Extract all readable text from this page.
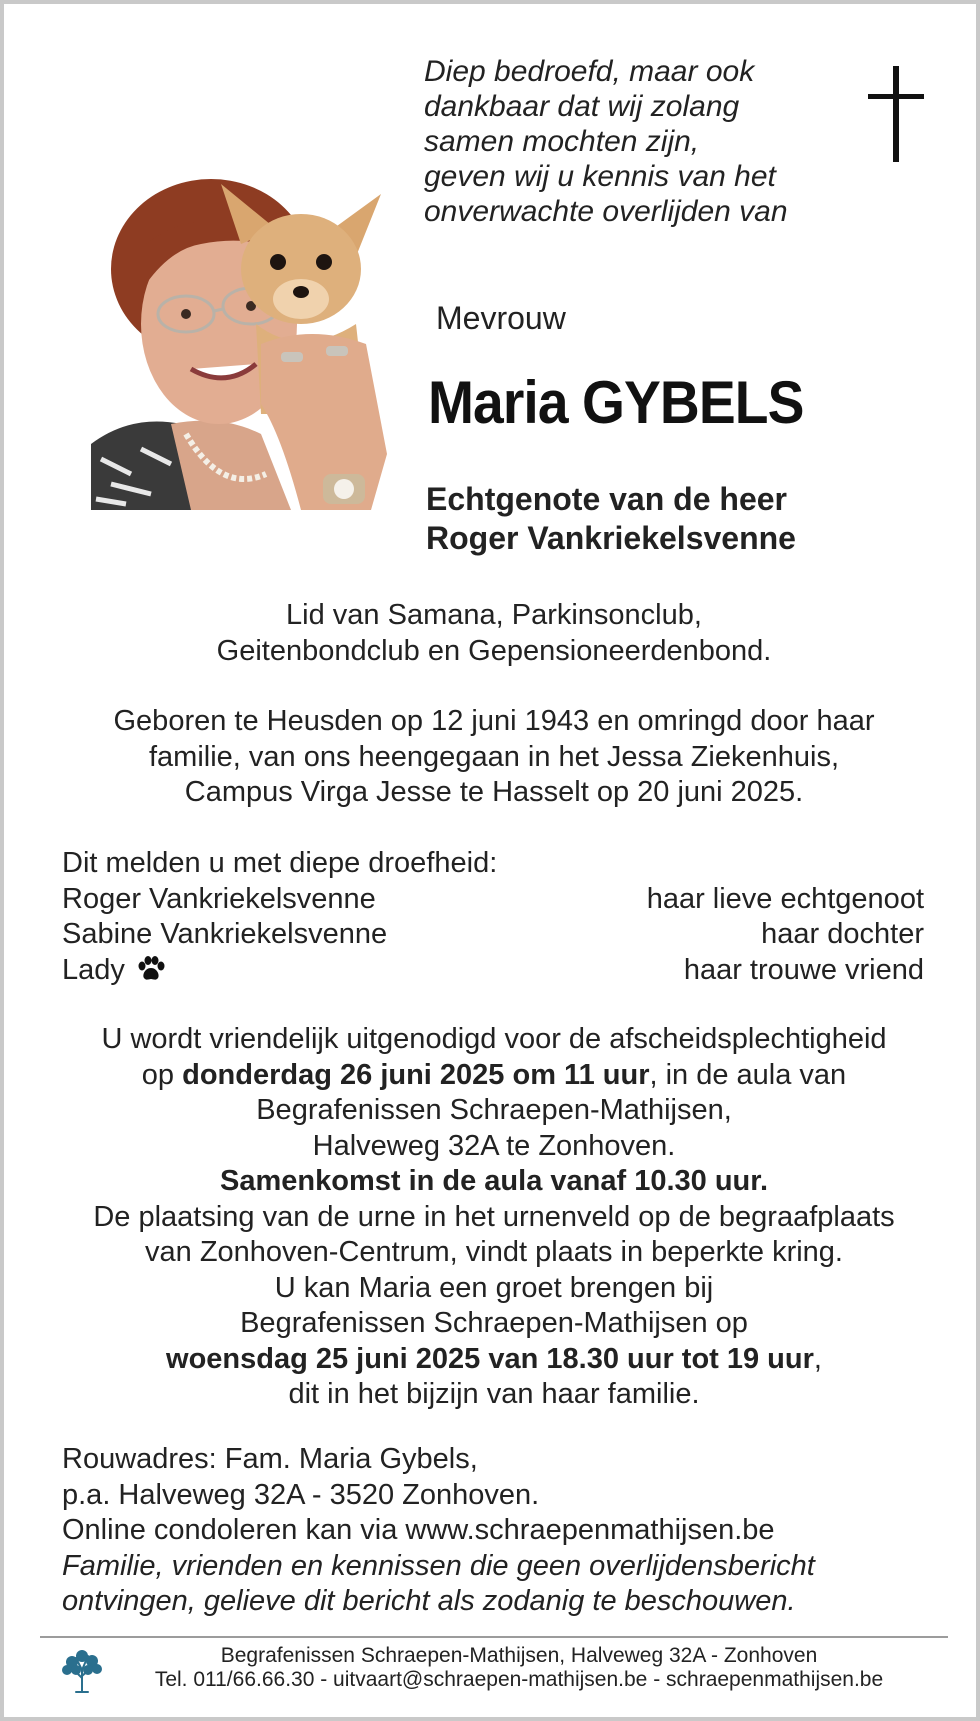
Diep bedroefd, maar ook
dankbaar dat wij zolang
samen mochten zijn,
geven wij u kennis van het
onverwachte overlijden van
Mevrouw
Maria GYBELS
Echtgenote van de heer
Roger Vankriekelsvenne
Lid van Samana, Parkinsonclub,
Geitenbondclub en Gepensioneerdenbond.
Geboren te Heusden op 12 juni 1943 en omringd door haar
familie, van ons heengegaan in het Jessa Ziekenhuis,
Campus Virga Jesse te Hasselt op 20 juni 2025.
Dit melden u met diepe droefheid:
Roger Vankriekelsvenne	haar lieve echtgenoot
Sabine Vankriekelsvenne	haar dochter
Lady	haar trouwe vriend
U wordt vriendelijk uitgenodigd voor de afscheidsplechtigheid
op donderdag 26 juni 2025 om 11 uur, in de aula van
Begrafenissen Schraepen-Mathijsen,
Halveweg 32A te Zonhoven.
Samenkomst in de aula vanaf 10.30 uur.
De plaatsing van de urne in het urnenveld op de begraafplaats
van Zonhoven-Centrum, vindt plaats in beperkte kring.
U kan Maria een groet brengen bij
Begrafenissen Schraepen-Mathijsen op
woensdag 25 juni 2025 van 18.30 uur tot 19 uur,
dit in het bijzijn van haar familie.
Rouwadres: Fam. Maria Gybels,
p.a. Halveweg 32A - 3520 Zonhoven.
Online condoleren kan via www.schraepenmathijsen.be
Familie, vrienden en kennissen die geen overlijdensbericht
ontvingen, gelieve dit bericht als zodanig te beschouwen.
Begrafenissen Schraepen-Mathijsen, Halveweg 32A - Zonhoven
Tel. 011/66.66.30 - uitvaart@schraepen-mathijsen.be - schraepenmathijsen.be
